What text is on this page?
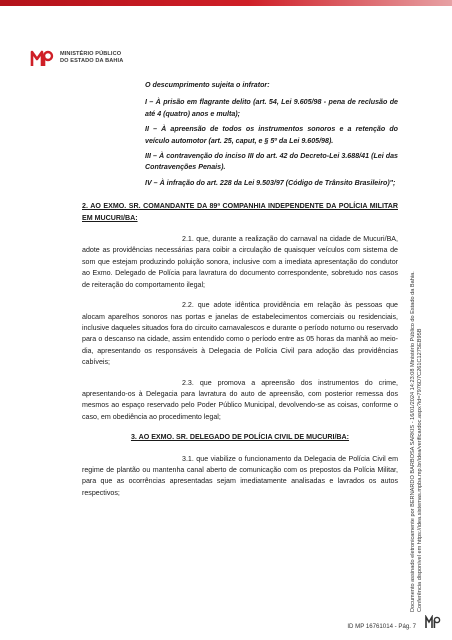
MINISTÉRIO PÚBLICO
DO ESTADO DA BAHIA

O descumprimento sujeita o infrator:

I – À prisão em flagrante delito (art. 54, Lei 9.605/98 - pena de reclusão de até 4 (quatro) anos e multa);

II – À apreensão de todos os instrumentos sonoros e a retenção do veículo automotor (art. 25, caput, e § 5º da Lei 9.605/98).

III – À contravenção do inciso III do art. 42 do Decreto-Lei 3.688/41 (Lei das Contravenções Penais).

IV – À infração do art. 228 da Lei 9.503/97 (Código de Trânsito Brasileiro)";

2. AO EXMO. SR. COMANDANTE DA 89ª COMPANHIA INDEPENDENTE DA POLÍCIA MILITAR EM MUCURI/BA:

2.1. que, durante a realização do carnaval na cidade de Mucuri/BA, adote as providências necessárias para coibir a circulação de quaisquer veículos com sistema de som que estejam produzindo poluição sonora, inclusive com a imediata apresentação do condutor ao Exmo. Delegado de Polícia para lavratura do documento correspondente, sobretudo nos casos de reiteração do comportamento ilegal;

2.2. que adote idêntica providência em relação às pessoas que alocam aparelhos sonoros nas portas e janelas de estabelecimentos comerciais ou residenciais, inclusive daqueles situados fora do circuito carnavalescos e durante o período noturno ou reservado para o descanso na cidade, assim entendido como o período entre as 05 horas da manhã ao meio-dia, apresentando os responsáveis à Delegacia de Polícia Civil para adoção das providências cabíveis;

2.3. que promova a apreensão dos instrumentos do crime, apresentando-os à Delegacia para lavratura do auto de apreensão, com posterior remessa dos mesmos ao espaço reservado pelo Poder Público Municipal, devolvendo-se as coisas, conforme o caso, em obediência ao procedimento legal;

3. AO EXMO. SR. DELEGADO DE POLÍCIA CIVIL DE MUCURI/BA:

3.1. que viabilize o funcionamento da Delegacia de Polícia Civil em regime de plantão ou mantenha canal aberto de comunicação com os prepostos da Polícia Militar, para que as ocorrências apresentadas sejam imediatamente analisadas e lavrados os autos respectivos;	Documento assinado eletronicamente por BERNARDO BARBOSA SARKIS - 16/01/2024 14:23:08 Ministério Público do Estado da Bahia. Conferência disponível em https://idea.sistemas.mpba.mp.br/idea/verificardoc.aspx?id=7976D7C261C1275EB95B
ID MP 16761014 - Pág. 7
